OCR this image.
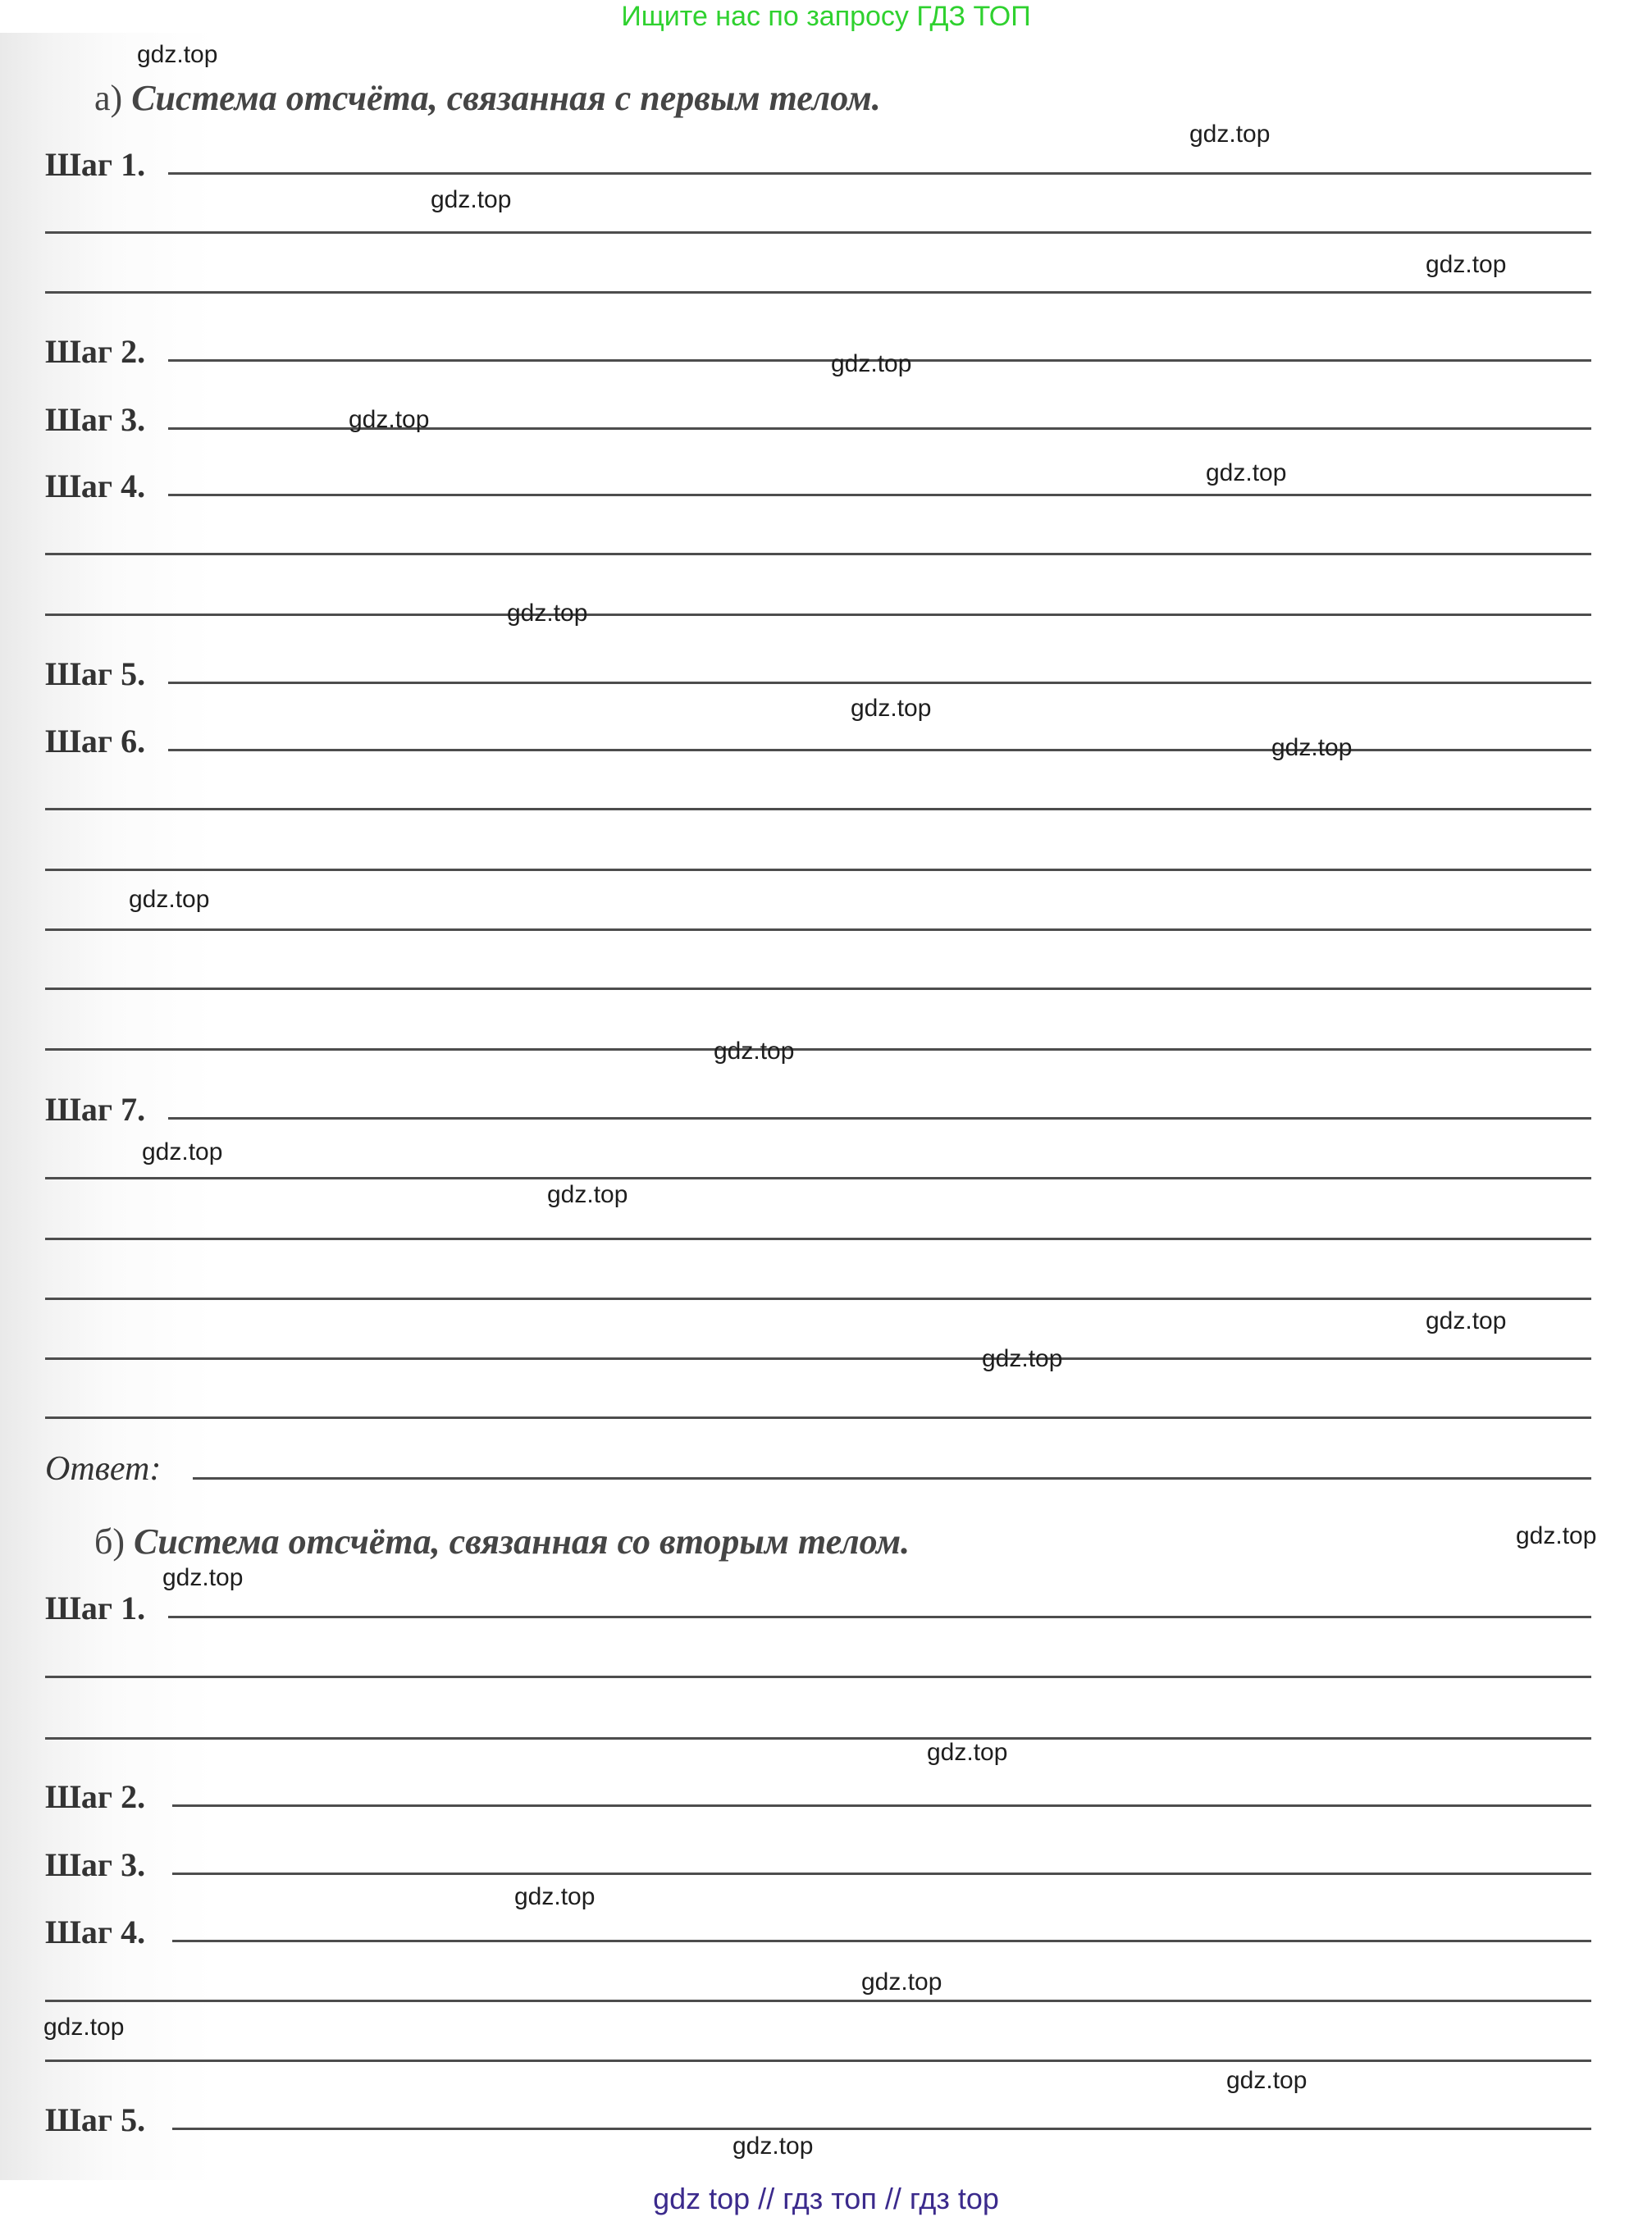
Ищите нас по запросу ГДЗ ТОП
а) Система отсчёта, связанная с первым телом.
Шаг 1.
Шаг 2.
Шаг 3.
Шаг 4.
Шаг 5.
Шаг 6.
Шаг 7.
Ответ:
б) Система отсчёта, связанная со вторым телом.
Шаг 1.
Шаг 2.
Шаг 3.
Шаг 4.
Шаг 5.
gdz.top
gdz.top
gdz.top
gdz.top
gdz.top
gdz.top
gdz.top
gdz.top
gdz.top
gdz.top
gdz.top
gdz.top
gdz.top
gdz.top
gdz.top
gdz.top
gdz.top
gdz.top
gdz.top
gdz.top
gdz.top
gdz.top
gdz.top
gdz.top
gdz top // гдз топ // гдз top
